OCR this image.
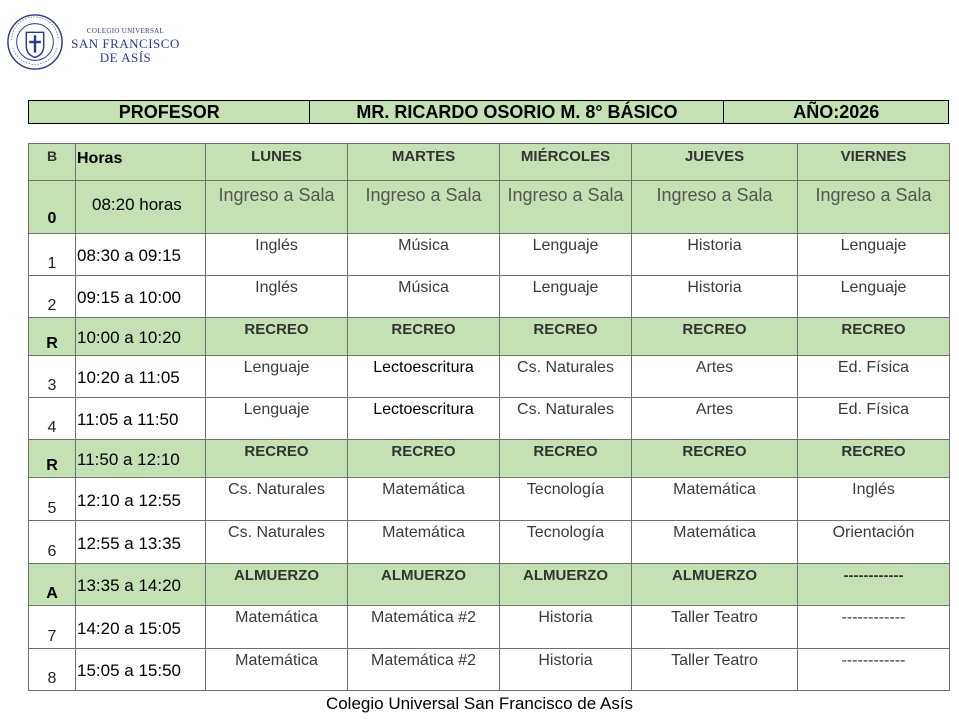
COLEGIO UNIVERSAL
SAN FRANCISCO
DE ASÍS
PROFESOR	MR. RICARDO OSORIO M. 8° BÁSICO	AÑO:2026
B	Horas	LUNES	MARTES	MIÉRCOLES	JUEVES	VIERNES
0	08:20 horas	Ingreso a Sala	Ingreso a Sala	Ingreso a Sala	Ingreso a Sala	Ingreso a Sala
1	08:30 a 09:15	Inglés	Música	Lenguaje	Historia	Lenguaje
2	09:15 a 10:00	Inglés	Música	Lenguaje	Historia	Lenguaje
R	10:00 a 10:20	RECREO	RECREO	RECREO	RECREO	RECREO
3	10:20 a 11:05	Lenguaje	Lectoescritura	Cs. Naturales	Artes	Ed. Física
4	11:05 a 11:50	Lenguaje	Lectoescritura	Cs. Naturales	Artes	Ed. Física
R	11:50 a 12:10	RECREO	RECREO	RECREO	RECREO	RECREO
5	12:10 a 12:55	Cs. Naturales	Matemática	Tecnología	Matemática	Inglés
6	12:55 a 13:35	Cs. Naturales	Matemática	Tecnología	Matemática	Orientación
A	13:35 a 14:20	ALMUERZO	ALMUERZO	ALMUERZO	ALMUERZO	------------
7	14:20 a 15:05	Matemática	Matemática #2	Historia	Taller Teatro	------------
8	15:05 a 15:50	Matemática	Matemática #2	Historia	Taller Teatro	------------
Colegio Universal San Francisco de Asís
